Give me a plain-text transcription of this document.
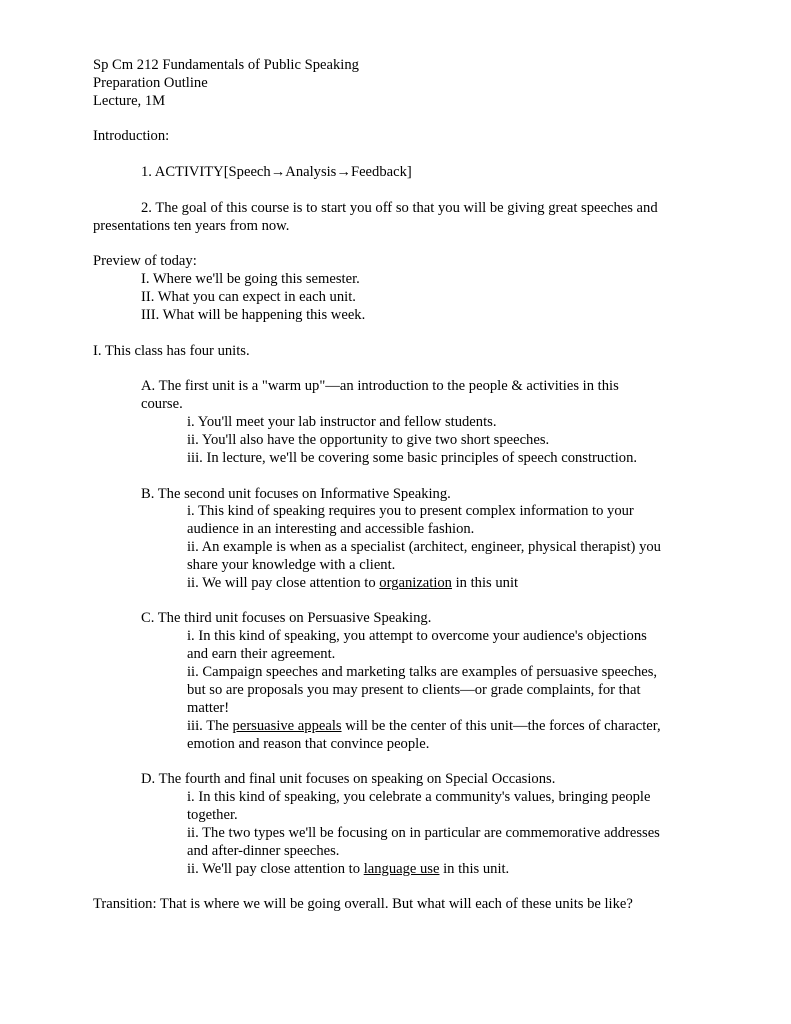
Sp Cm 212 Fundamentals of Public Speaking
Preparation Outline
Lecture, 1M
Introduction:
1. ACTIVITY[Speech→Analysis→Feedback]
2. The goal of this course is to start you off so that you will be giving great speeches and
presentations ten years from now.
Preview of today:
I. Where we'll be going this semester.
II. What you can expect in each unit.
III. What will be happening this week.
I. This class has four units.
A. The first unit is a "warm up"—an introduction to the people & activities in this
course.
i. You'll meet your lab instructor and fellow students.
ii. You'll also have the opportunity to give two short speeches.
iii. In lecture, we'll be covering some basic principles of speech construction.
B. The second unit focuses on Informative Speaking.
i. This kind of speaking requires you to present complex information to your
audience in an interesting and accessible fashion.
ii. An example is when as a specialist (architect, engineer, physical therapist) you
share your knowledge with a client.
ii. We will pay close attention to organization in this unit
C. The third unit focuses on Persuasive Speaking.
i. In this kind of speaking, you attempt to overcome your audience's objections
and earn their agreement.
ii. Campaign speeches and marketing talks are examples of persuasive speeches,
but so are proposals you may present to clients—or grade complaints, for that
matter!
iii. The persuasive appeals will be the center of this unit—the forces of character,
emotion and reason that convince people.
D. The fourth and final unit focuses on speaking on Special Occasions.
i. In this kind of speaking, you celebrate a community's values, bringing people
together.
ii. The two types we'll be focusing on in particular are commemorative addresses
and after-dinner speeches.
ii. We'll pay close attention to language use in this unit.
Transition: That is where we will be going overall. But what will each of these units be like?
